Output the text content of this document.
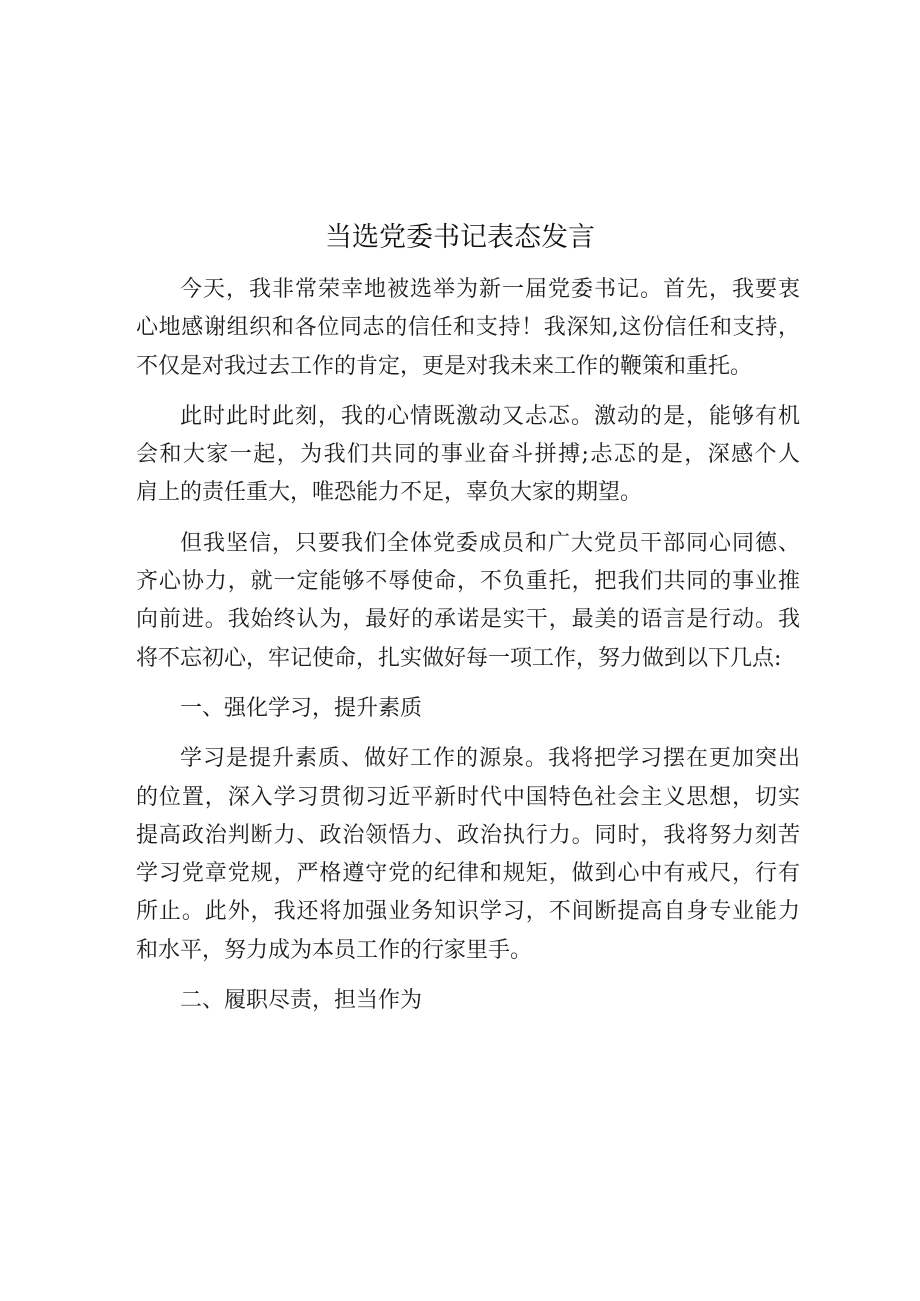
当选党委书记表态发言

今天，我非常荣幸地被选举为新一届党委书记。首先，我要衷
心地感谢组织和各位同志的信任和支持！我深知,这份信任和支持，
不仅是对我过去工作的肯定，更是对我未来工作的鞭策和重托。

此时此时此刻，我的心情既激动又忐忑。激动的是，能够有机
会和大家一起，为我们共同的事业奋斗拼搏;忐忑的是，深感个人
肩上的责任重大，唯恐能力不足，辜负大家的期望。

但我坚信，只要我们全体党委成员和广大党员干部同心同德、
齐心协力，就一定能够不辱使命，不负重托，把我们共同的事业推
向前进。我始终认为，最好的承诺是实干，最美的语言是行动。我
将不忘初心，牢记使命，扎实做好每一项工作，努力做到以下几点:

一、强化学习，提升素质

学习是提升素质、做好工作的源泉。我将把学习摆在更加突出
的位置，深入学习贯彻习近平新时代中国特色社会主义思想，切实
提高政治判断力、政治领悟力、政治执行力。同时，我将努力刻苦
学习党章党规，严格遵守党的纪律和规矩，做到心中有戒尺，行有
所止。此外，我还将加强业务知识学习，不间断提高自身专业能力
和水平，努力成为本员工作的行家里手。

二、履职尽责，担当作为
